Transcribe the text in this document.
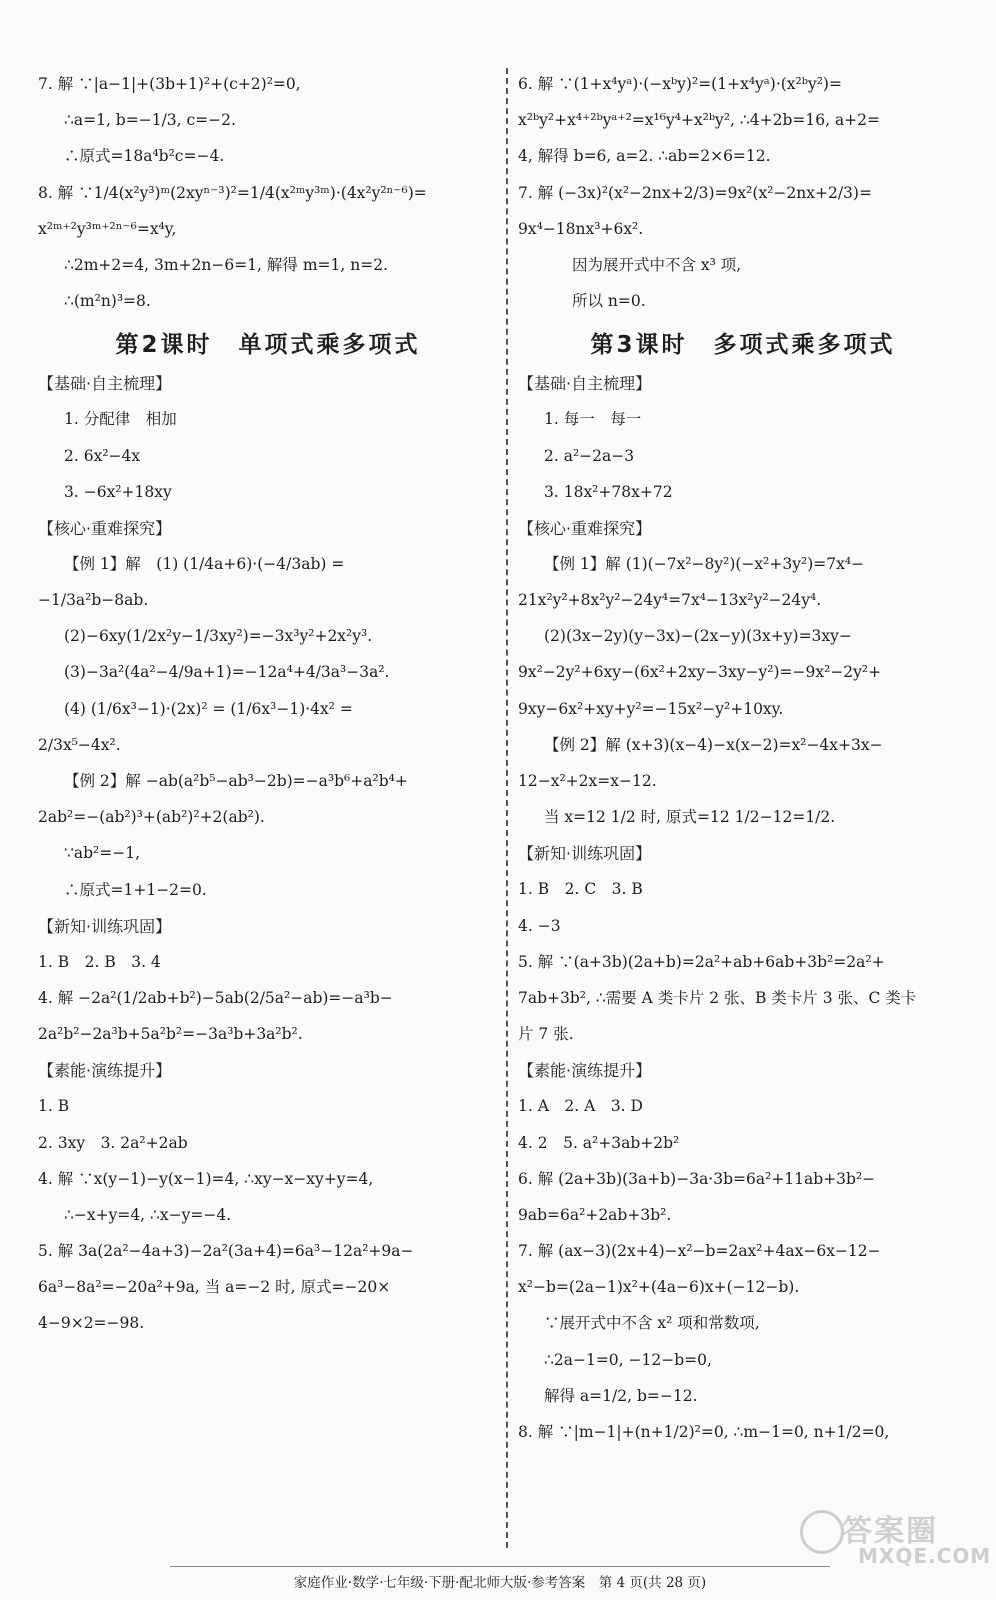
7. 解 ∵|a−1|+(3b+1)²+(c+2)²=0,
∴a=1, b=−1/3, c=−2.
∴原式=18a⁴b²c=−4.
8. 解 ∵1/4(x²y³)ᵐ(2xyⁿ⁻³)²=1/4(x²ᵐy³ᵐ)·(4x²y²ⁿ⁻⁶)=
x²ᵐ⁺²y³ᵐ⁺²ⁿ⁻⁶=x⁴y,
∴2m+2=4, 3m+2n−6=1, 解得 m=1, n=2.
∴(m²n)³=8.
第2课时　单项式乘多项式
【基础·自主梳理】
1. 分配律　相加
2. 6x²−4x
3. −6x²+18xy
【核心·重难探究】
【例 1】解　(1) (1/4a+6)·(−4/3ab) =
−1/3a²b−8ab.
(2)−6xy(1/2x²y−1/3xy²)=−3x³y²+2x²y³.
(3)−3a²(4a²−4/9a+1)=−12a⁴+4/3a³−3a².
(4) (1/6x³−1)·(2x)² = (1/6x³−1)·4x² =
2/3x⁵−4x².
【例 2】解 −ab(a²b⁵−ab³−2b)=−a³b⁶+a²b⁴+
2ab²=−(ab²)³+(ab²)²+2(ab²).
∵ab²=−1,
∴原式=1+1−2=0.
【新知·训练巩固】
1. B　2. B　3. 4
4. 解 −2a²(1/2ab+b²)−5ab(2/5a²−ab)=−a³b−
2a²b²−2a³b+5a²b²=−3a³b+3a²b².
【素能·演练提升】
1. B
2. 3xy　3. 2a²+2ab
4. 解 ∵x(y−1)−y(x−1)=4, ∴xy−x−xy+y=4,
∴−x+y=4, ∴x−y=−4.
5. 解 3a(2a²−4a+3)−2a²(3a+4)=6a³−12a²+9a−
6a³−8a²=−20a²+9a, 当 a=−2 时, 原式=−20×
4−9×2=−98.
6. 解 ∵(1+x⁴yᵃ)·(−xᵇy)²=(1+x⁴yᵃ)·(x²ᵇy²)=
x²ᵇy²+x⁴⁺²ᵇyᵃ⁺²=x¹⁶y⁴+x²ᵇy², ∴4+2b=16, a+2=
4, 解得 b=6, a=2. ∴ab=2×6=12.
7. 解 (−3x)²(x²−2nx+2/3)=9x²(x²−2nx+2/3)=
9x⁴−18nx³+6x².
因为展开式中不含 x³ 项,
所以 n=0.
第3课时　多项式乘多项式
【基础·自主梳理】
1. 每一　每一
2. a²−2a−3
3. 18x²+78x+72
【核心·重难探究】
【例 1】解 (1)(−7x²−8y²)(−x²+3y²)=7x⁴−
21x²y²+8x²y²−24y⁴=7x⁴−13x²y²−24y⁴.
(2)(3x−2y)(y−3x)−(2x−y)(3x+y)=3xy−
9x²−2y²+6xy−(6x²+2xy−3xy−y²)=−9x²−2y²+
9xy−6x²+xy+y²=−15x²−y²+10xy.
【例 2】解 (x+3)(x−4)−x(x−2)=x²−4x+3x−
12−x²+2x=x−12.
当 x=12 1/2 时, 原式=12 1/2−12=1/2.
【新知·训练巩固】
1. B　2. C　3. B
4. −3
5. 解 ∵(a+3b)(2a+b)=2a²+ab+6ab+3b²=2a²+
7ab+3b², ∴需要 A 类卡片 2 张、B 类卡片 3 张、C 类卡
片 7 张.
【素能·演练提升】
1. A　2. A　3. D
4. 2　5. a²+3ab+2b²
6. 解 (2a+3b)(3a+b)−3a·3b=6a²+11ab+3b²−
9ab=6a²+2ab+3b².
7. 解 (ax−3)(2x+4)−x²−b=2ax²+4ax−6x−12−
x²−b=(2a−1)x²+(4a−6)x+(−12−b).
∵展开式中不含 x² 项和常数项,
∴2a−1=0, −12−b=0,
解得 a=1/2, b=−12.
8. 解 ∵|m−1|+(n+1/2)²=0, ∴m−1=0, n+1/2=0,
家庭作业·数学·七年级·下册·配北师大版·参考答案　第 4 页(共 28 页)
答案圈
MXQE.COM
